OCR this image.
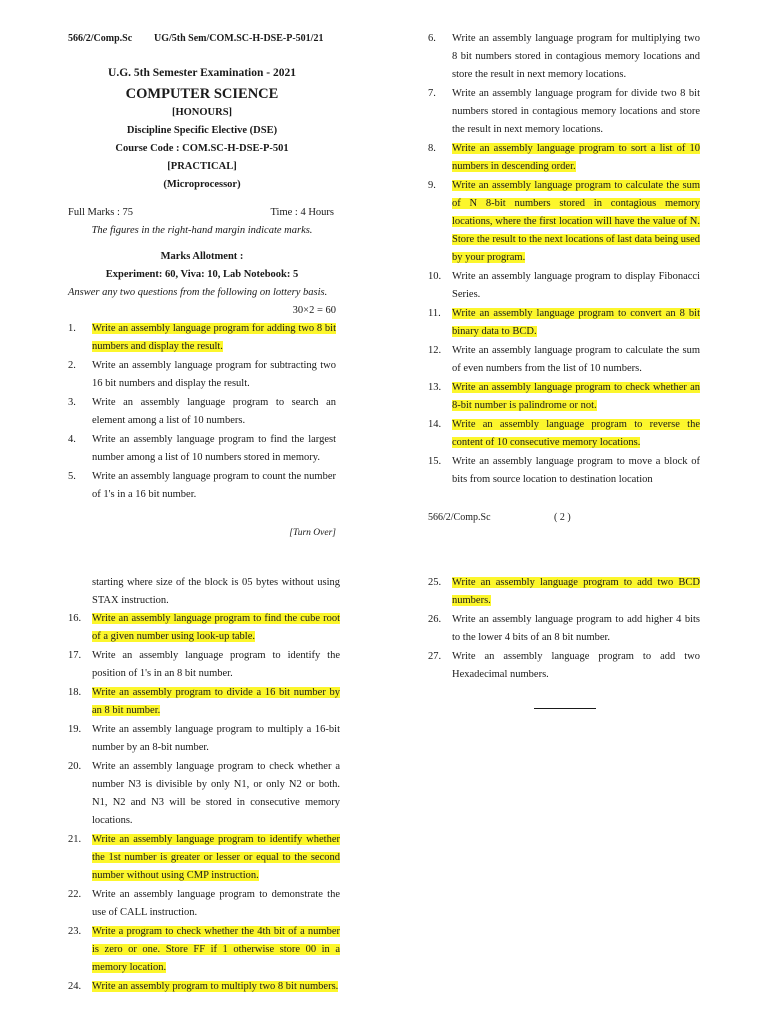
566/2/Comp.Sc	UG/5th Sem/COM.SC-H-DSE-P-501/21
U.G. 5th Semester Examination - 2021
COMPUTER SCIENCE
[HONOURS]
Discipline Specific Elective (DSE)
Course Code : COM.SC-H-DSE-P-501
[PRACTICAL]
(Microprocessor)
Full Marks : 75	Time : 4 Hours
The figures in the right-hand margin indicate marks.
Marks Allotment :
Experiment: 60, Viva: 10, Lab Notebook: 5
Answer any two questions from the following on lottery basis.
30×2 = 60
1.	Write an assembly language program for adding two 8 bit numbers and display the result.
2.	Write an assembly language program for subtracting two 16 bit numbers and display the result.
3.	Write an assembly language program to search an element among a list of 10 numbers.
4.	Write an assembly language program to find the largest number among a list of 10 numbers stored in memory.
5.	Write an assembly language program to count the number of 1's in a 16 bit number.
[Turn Over]
6.	Write an assembly language program for multiplying two 8 bit numbers stored in contagious memory locations and store the result in next memory locations.
7.	Write an assembly language program for divide two 8 bit numbers stored in contagious memory locations and store the result in next memory locations.
8.	Write an assembly language program to sort a list of 10 numbers in descending order.
9.	Write an assembly language program to calculate the sum of N 8-bit numbers stored in contagious memory locations, where the first location will have the value of N. Store the result to the next locations of last data being used by your program.
10.	Write an assembly language program to display Fibonacci Series.
11.	Write an assembly language program to convert an 8 bit binary data to BCD.
12.	Write an assembly language program to calculate the sum of even numbers from the list of 10 numbers.
13.	Write an assembly language program to check whether an 8-bit number is palindrome or not.
14.	Write an assembly language program to reverse the content of 10 consecutive memory locations.
15.	Write an assembly language program to move a block of bits from source location to destination location
566/2/Comp.Sc	( 2 )
starting where size of the block is 05 bytes without using STAX instruction.
16.	Write an assembly language program to find the cube root of a given number using look-up table.
17.	Write an assembly language program to identify the position of 1's in an 8 bit number.
18.	Write an assembly program to divide a 16 bit number by an 8 bit number.
19.	Write an assembly language program to multiply a 16-bit number by an 8-bit number.
20.	Write an assembly language program to check whether a number N3 is divisible by only N1, or only N2 or both. N1, N2 and N3 will be stored in consecutive memory locations.
21.	Write an assembly language program to identify whether the 1st number is greater or lesser or equal to the second number without using CMP instruction.
22.	Write an assembly language program to demonstrate the use of CALL instruction.
23.	Write a program to check whether the 4th bit of a number is zero or one. Store FF if 1 otherwise store 00 in a memory location.
24.	Write an assembly program to multiply two 8 bit numbers.
25.	Write an assembly language program to add two BCD numbers.
26.	Write an assembly language program to add higher 4 bits to the lower 4 bits of an 8 bit number.
27.	Write an assembly language program to add two Hexadecimal numbers.
